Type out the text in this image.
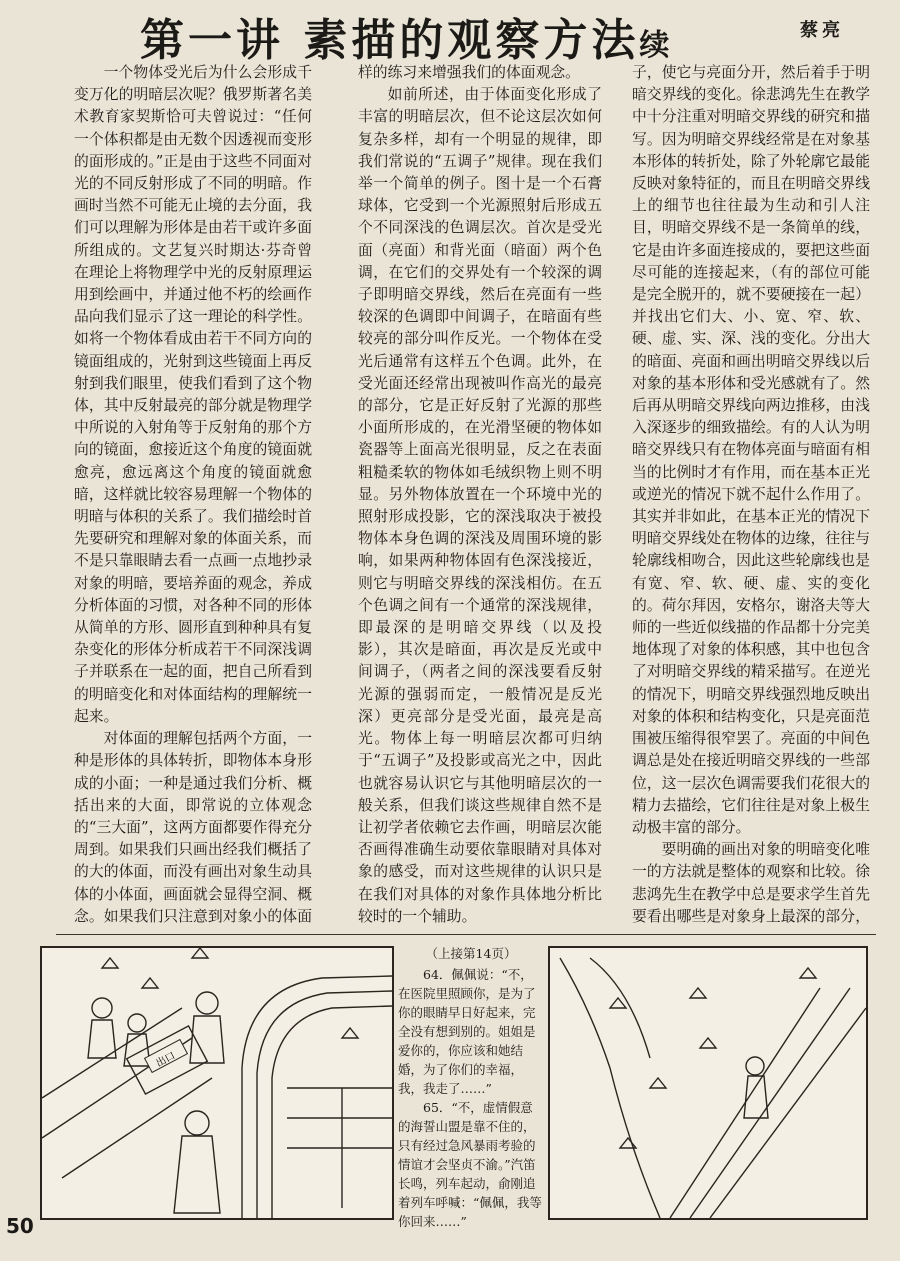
第一讲 素描的观察方法续	蔡亮

一个物体受光后为什么会形成千变万化的明暗层次呢？俄罗斯著名美术教育家契斯恰可夫曾说过：“任何一个体积都是由无数个因透视而变形的面形成的。”正是由于这些不同面对光的不同反射形成了不同的明暗。作画时当然不可能无止境的去分面，我们可以理解为形体是由若干或许多面所组成的。文艺复兴时期达·芬奇曾在理论上将物理学中光的反射原理运用到绘画中，并通过他不朽的绘画作品向我们显示了这一理论的科学性。如将一个物体看成由若干不同方向的镜面组成的，光射到这些镜面上再反射到我们眼里，使我们看到了这个物体，其中反射最亮的部分就是物理学中所说的入射角等于反射角的那个方向的镜面，愈接近这个角度的镜面就愈亮，愈远离这个角度的镜面就愈暗，这样就比较容易理解一个物体的明暗与体积的关系了。我们描绘时首先要研究和理解对象的体面关系，而不是只靠眼睛去看一点画一点地抄录对象的明暗，要培养面的观念，养成分析体面的习惯，对各种不同的形体从简单的方形、圆形直到种种具有复杂变化的形体分析成若干不同深浅调子并联系在一起的面，把自己所看到的明暗变化和对体面结构的理解统一起来。

对体面的理解包括两个方面，一种是形体的具体转折，即物体本身形成的小面；一种是通过我们分析、概括出来的大面，即常说的立体观念的“三大面”，这两方面都要作得充分周到。如果我们只画出经我们概括了的大的体面，而没有画出对象生动具体的小体面，画面就会显得空洞、概念。如果我们只注意到对象小的体面

样的练习来增强我们的体面观念。

如前所述，由于体面变化形成了丰富的明暗层次，但不论这层次如何复杂多样，却有一个明显的规律，即我们常说的“五调子”规律。现在我们举一个简单的例子。图十是一个石膏球体，它受到一个光源照射后形成五个不同深浅的色调层次。首次是受光面（亮面）和背光面（暗面）两个色调，在它们的交界处有一个较深的调子即明暗交界线，然后在亮面有一些较深的色调即中间调子，在暗面有些较亮的部分叫作反光。一个物体在受光后通常有这样五个色调。此外，在受光面还经常出现被叫作高光的最亮的部分，它是正好反射了光源的那些小面所形成的，在光滑坚硬的物体如瓷器等上面高光很明显，反之在表面粗糙柔软的物体如毛绒织物上则不明显。另外物体放置在一个环境中光的照射形成投影，它的深浅取决于被投物体本身色调的深浅及周围环境的影响，如果两种物体固有色深浅接近，则它与明暗交界线的深浅相仿。在五个色调之间有一个通常的深浅规律，即最深的是明暗交界线（以及投影），其次是暗面，再次是反光或中间调子，（两者之间的深浅要看反射光源的强弱而定，一般情况是反光深）更亮部分是受光面，最亮是高光。物体上每一明暗层次都可归纳于“五调子”及投影或高光之中，因此也就容易认识它与其他明暗层次的一般关系，但我们谈这些规律自然不是让初学者依赖它去作画，明暗层次能否画得准确生动要依靠眼睛对具体对象的感受，而对这些规律的认识只是在我们对具体的对象作具体地分析比较时的一个辅助。

子，使它与亮面分开，然后着手于明暗交界线的变化。徐悲鸿先生在教学中十分注重对明暗交界线的研究和描写。因为明暗交界线经常是在对象基本形体的转折处，除了外轮廓它最能反映对象特征的，而且在明暗交界线上的细节也往往最为生动和引人注目，明暗交界线不是一条简单的线，它是由许多面连接成的，要把这些面尽可能的连接起来，（有的部位可能是完全脱开的，就不要硬接在一起）并找出它们大、小、宽、窄、软、硬、虚、实、深、浅的变化。分出大的暗面、亮面和画出明暗交界线以后对象的基本形体和受光感就有了。然后再从明暗交界线向两边推移，由浅入深逐步的细致描绘。有的人认为明暗交界线只有在物体亮面与暗面有相当的比例时才有作用，而在基本正光或逆光的情况下就不起什么作用了。其实并非如此，在基本正光的情况下明暗交界线处在物体的边缘，往往与轮廓线相吻合，因此这些轮廓线也是有宽、窄、软、硬、虚、实的变化的。荷尔拜因，安格尔，谢洛夫等大师的一些近似线描的作品都十分完美地体现了对象的体积感，其中也包含了对明暗交界线的精采描写。在逆光的情况下，明暗交界线强烈地反映出对象的体积和结构变化，只是亮面范围被压缩得很窄罢了。亮面的中间色调总是处在接近明暗交界线的一些部位，这一层次色调需要我们花很大的精力去描绘，它们往往是对象上极生动极丰富的部分。

要明确的画出对象的明暗变化唯一的方法就是整体的观察和比较。徐悲鸿先生在教学中总是要求学生首先要看出哪些是对象身上最深的部分，

出口
（上接第14页）

64．佩佩说：“不，在医院里照顾你，是为了你的眼睛早日好起来，完全没有想到别的。姐姐是爱你的，你应该和她结婚，为了你们的幸福，我，我走了……”

65．“不，虚情假意的海誓山盟是靠不住的，只有经过急风暴雨考验的情谊才会坚贞不渝。”汽笛长鸣，列车起动，俞刚追着列车呼喊：“佩佩，我等你回来……”

50
